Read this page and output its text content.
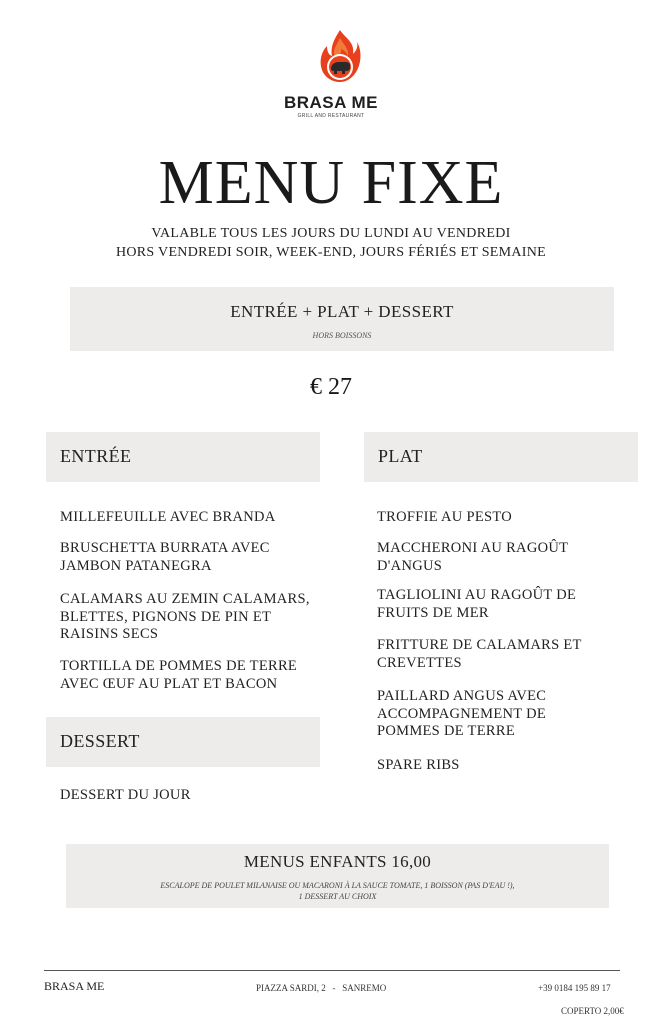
BRASA ME
GRILL AND RESTAURANT
MENU FIXE
VALABLE TOUS LES JOURS DU LUNDI AU VENDREDI
HORS VENDREDI SOIR, WEEK-END, JOURS FÉRIÉS ET SEMAINE
ENTRÉE + PLAT + DESSERT
HORS BOISSONS
€ 27
ENTRÉE
MILLEFEUILLE AVEC BRANDA
BRUSCHETTA BURRATA AVEC
JAMBON PATANEGRA
CALAMARS AU ZEMIN CALAMARS,
BLETTES, PIGNONS DE PIN ET
RAISINS SECS
TORTILLA DE POMMES DE TERRE
AVEC ŒUF AU PLAT ET BACON
DESSERT
DESSERT DU JOUR
PLAT
TROFFIE AU PESTO
MACCHERONI AU RAGOÛT
D'ANGUS
TAGLIOLINI AU RAGOÛT DE
FRUITS DE MER
FRITTURE DE CALAMARS ET
CREVETTES
PAILLARD ANGUS AVEC
ACCOMPAGNEMENT DE
POMMES DE TERRE
SPARE RIBS
MENUS ENFANTS 16,00
ESCALOPE DE POULET MILANAISE OU MACARONI À LA SAUCE TOMATE, 1 BOISSON (PAS D'EAU !),
1 DESSERT AU CHOIX
BRASA ME	PIAZZA SARDI, 2   -   SANREMO	+39 0184 195 89 17
COPERTO 2,00€
